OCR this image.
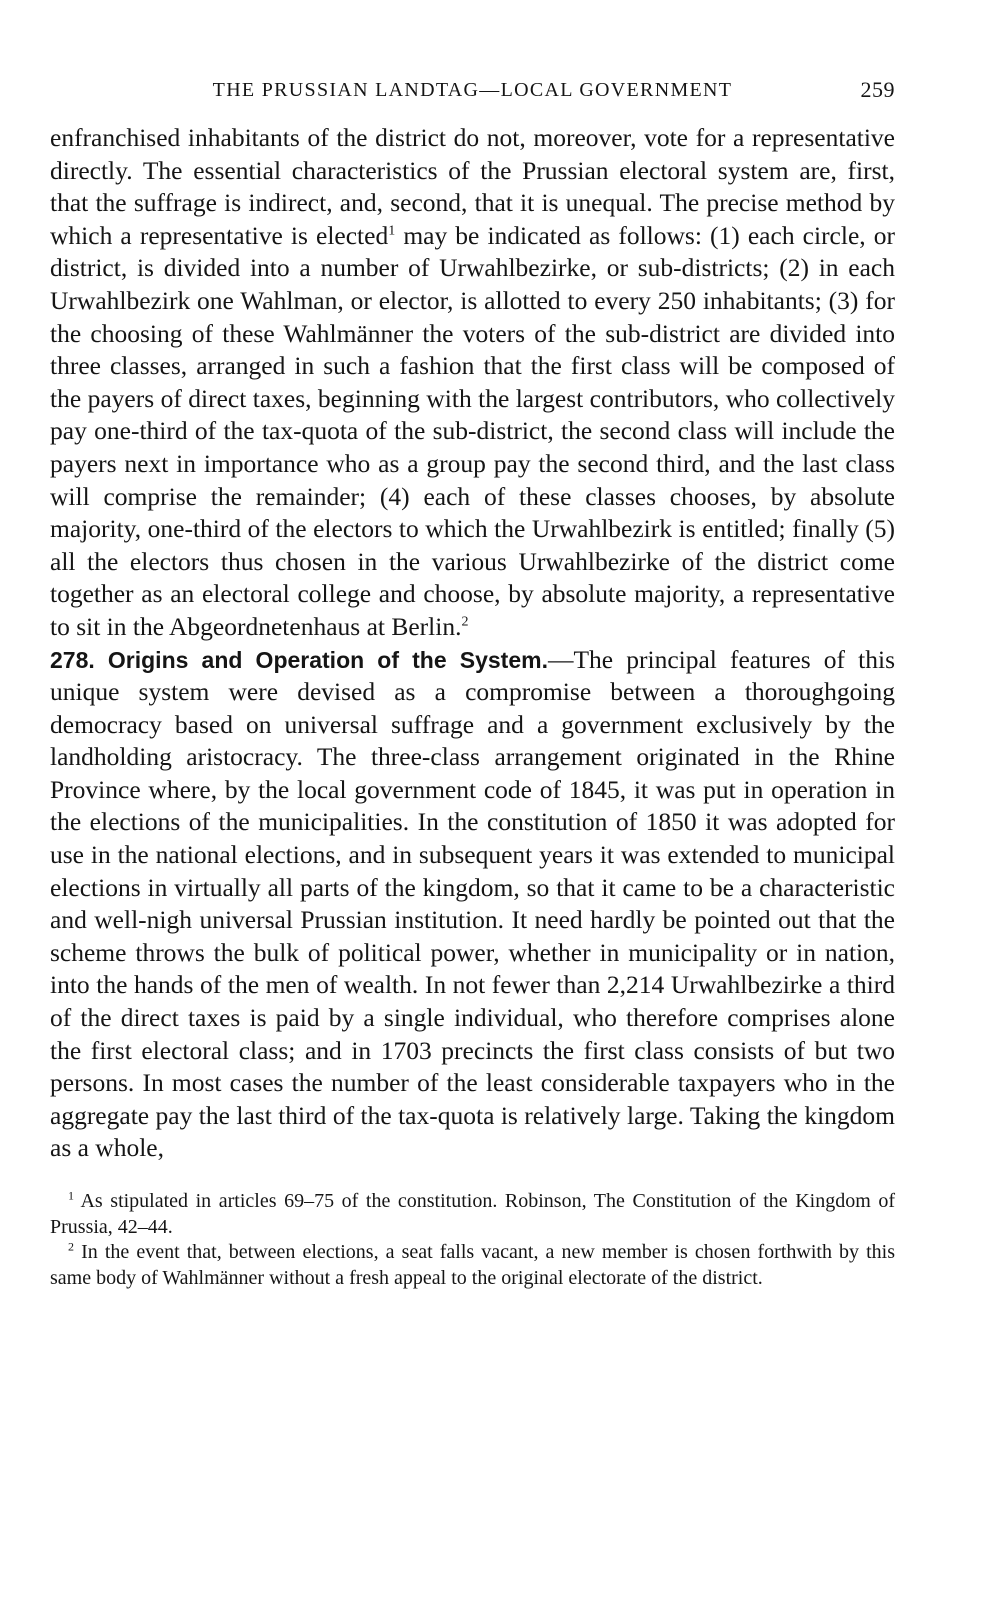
THE PRUSSIAN LANDTAG—LOCAL GOVERNMENT	259

enfranchised inhabitants of the district do not, moreover, vote for a representative directly. The essential characteristics of the Prussian electoral system are, first, that the suffrage is indirect, and, second, that it is unequal. The precise method by which a representative is elected$^1$ may be indicated as follows: (1) each circle, or district, is divided into a number of Urwahlbezirke, or sub-districts; (2) in each Urwahlbezirk one Wahlman, or elector, is allotted to every 250 inhabitants; (3) for the choosing of these Wahlmänner the voters of the sub-district are divided into three classes, arranged in such a fashion that the first class will be composed of the payers of direct taxes, beginning with the largest contributors, who collectively pay one-third of the tax-quota of the sub-district, the second class will include the payers next in importance who as a group pay the second third, and the last class will comprise the remainder; (4) each of these classes chooses, by absolute majority, one-third of the electors to which the Urwahlbezirk is entitled; finally (5) all the electors thus chosen in the various Urwahlbezirke of the district come together as an electoral college and choose, by absolute majority, a representative to sit in the Abgeordnetenhaus at Berlin.$^2$

278. Origins and Operation of the System.—The principal features of this unique system were devised as a compromise between a thoroughgoing democracy based on universal suffrage and a government exclusively by the landholding aristocracy. The three-class arrangement originated in the Rhine Province where, by the local government code of 1845, it was put in operation in the elections of the municipalities. In the constitution of 1850 it was adopted for use in the national elections, and in subsequent years it was extended to municipal elections in virtually all parts of the kingdom, so that it came to be a characteristic and well-nigh universal Prussian institution. It need hardly be pointed out that the scheme throws the bulk of political power, whether in municipality or in nation, into the hands of the men of wealth. In not fewer than 2,214 Urwahlbezirke a third of the direct taxes is paid by a single individual, who therefore comprises alone the first electoral class; and in 1703 precincts the first class consists of but two persons. In most cases the number of the least considerable taxpayers who in the aggregate pay the last third of the tax-quota is relatively large. Taking the kingdom as a whole,

$^1$ As stipulated in articles 69–75 of the constitution. Robinson, The Constitution of the Kingdom of Prussia, 42–44.

$^2$ In the event that, between elections, a seat falls vacant, a new member is chosen forthwith by this same body of Wahlmänner without a fresh appeal to the original electorate of the district.
